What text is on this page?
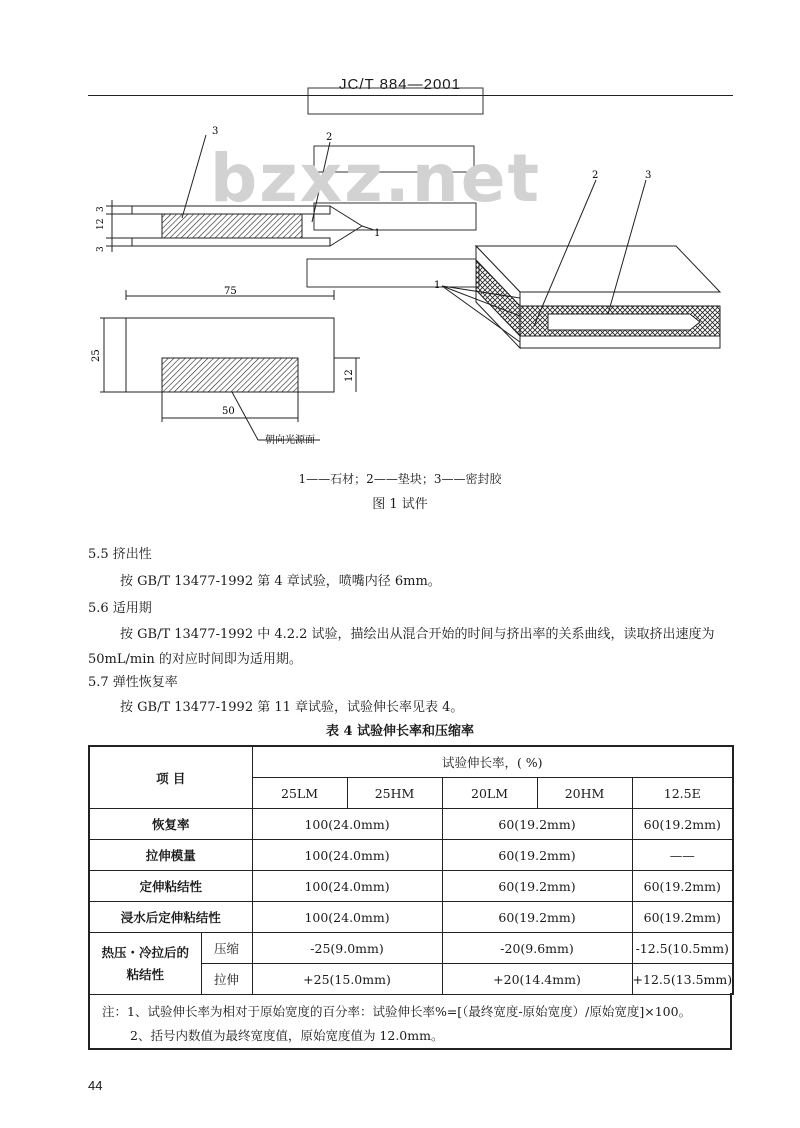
JC/T 884—2001
3
12
3
3
2
1
75
25
12
50
朝向光源面
2	3
1
bzxz.net
1——石材；2——垫块；3——密封胶
图 1 试件
5.5 挤出性
按 GB/T 13477-1992 第 4 章试验，喷嘴内径 6mm。
5.6 适用期
按 GB/T 13477-1992 中 4.2.2 试验，描绘出从混合开始的时间与挤出率的关系曲线，读取挤出速度为
50mL/min 的对应时间即为适用期。
5.7 弹性恢复率
按 GB/T 13477-1992 第 11 章试验，试验伸长率见表 4。
表 4 试验伸长率和压缩率
项 目		试验伸长率，( %)				
		25LM	25HM	20LM	20HM	12.5E
恢复率		100(24.0mm)		60(19.2mm)		60(19.2mm)
拉伸模量		100(24.0mm)		60(19.2mm)		——
定伸粘结性		100(24.0mm)		60(19.2mm)		60(19.2mm)
浸水后定伸粘结性		100(24.0mm)		60(19.2mm)		60(19.2mm)

热压・冷拉后的
粘结性	压缩	-25(9.0mm)		-20(9.6mm)		-12.5(10.5mm)
	拉伸	+25(15.0mm)		+20(14.4mm)		+12.5(13.5mm)
注：1、试验伸长率为相对于原始宽度的百分率：试验伸长率%=[（最终宽度-原始宽度）/原始宽度]×100。
2、括号内数值为最终宽度值，原始宽度值为 12.0mm。
44
